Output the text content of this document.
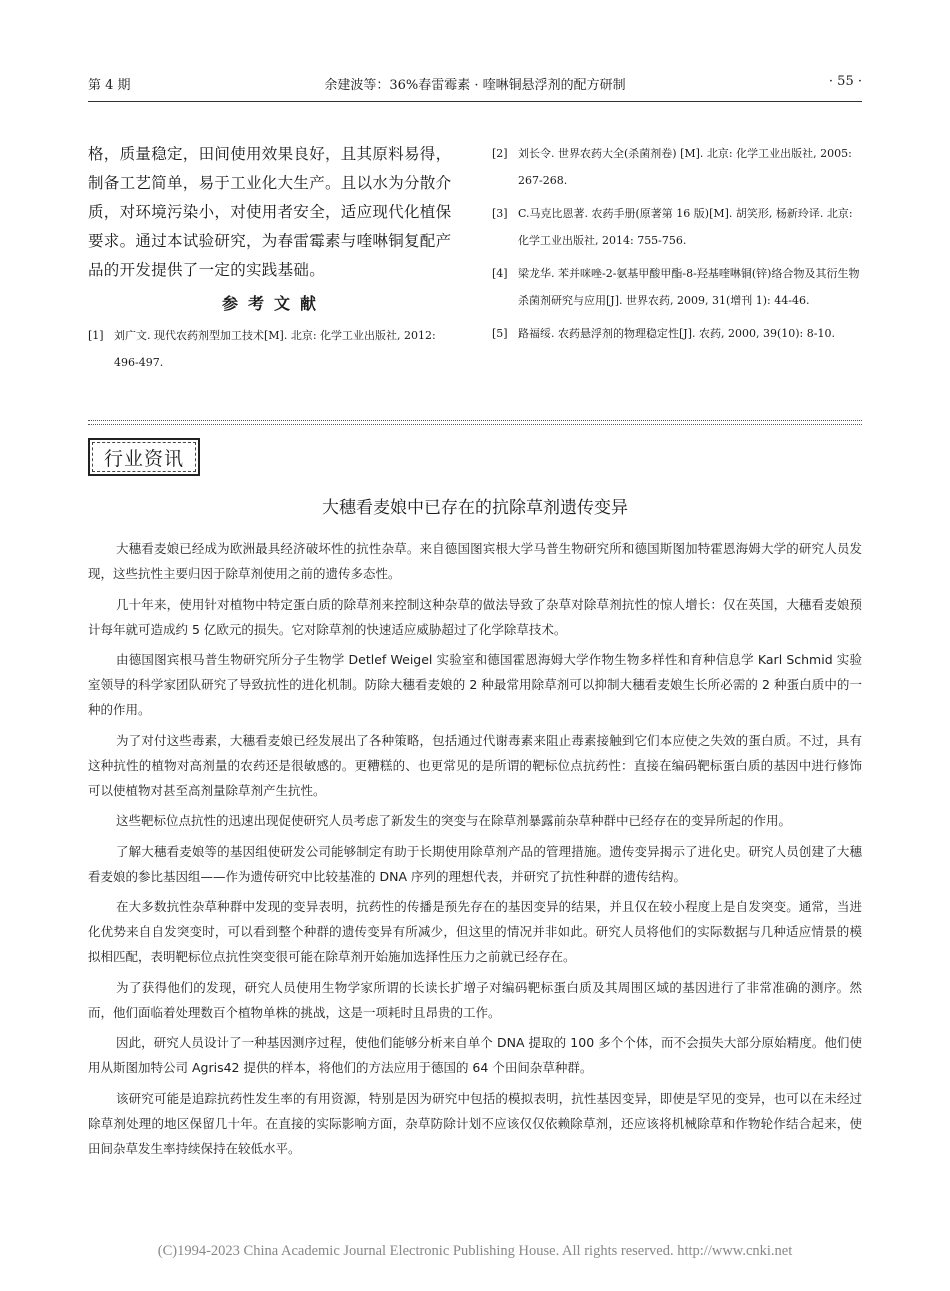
第 4 期	余建波等：36%春雷霉素 · 喹啉铜悬浮剂的配方研制	· 55 ·

格，质量稳定，田间使用效果良好，且其原料易得，制备工艺简单，易于工业化大生产。且以水为分散介质，对环境污染小，对使用者安全，适应现代化植保要求。通过本试验研究，为春雷霉素与喹啉铜复配产品的开发提供了一定的实践基础。

参考文献
[1] 刘广文. 现代农药剂型加工技术[M]. 北京: 化学工业出版社, 2012: 496-497.
[2] 刘长令. 世界农药大全(杀菌剂卷) [M]. 北京: 化学工业出版社, 2005: 267-268.
[3] C.马克比恩著. 农药手册(原著第 16 版)[M]. 胡笑形, 杨新玲译. 北京: 化学工业出版社, 2014: 755-756.
[4] 梁龙华. 苯并咪唑-2-氨基甲酸甲酯-8-羟基喹啉铜(锌)络合物及其衍生物杀菌剂研究与应用[J]. 世界农药, 2009, 31(增刊 1): 44-46.
[5] 路福绥. 农药悬浮剂的物理稳定性[J]. 农药, 2000, 39(10): 8-10.
行业资讯
大穗看麦娘中已存在的抗除草剂遗传变异

大穗看麦娘已经成为欧洲最具经济破坏性的抗性杂草。来自德国图宾根大学马普生物研究所和德国斯图加特霍恩海姆大学的研究人员发现，这些抗性主要归因于除草剂使用之前的遗传多态性。

几十年来，使用针对植物中特定蛋白质的除草剂来控制这种杂草的做法导致了杂草对除草剂抗性的惊人增长：仅在英国，大穗看麦娘预计每年就可造成约 5 亿欧元的损失。它对除草剂的快速适应威胁超过了化学除草技术。

由德国图宾根马普生物研究所分子生物学 Detlef Weigel 实验室和德国霍恩海姆大学作物生物多样性和育种信息学 Karl Schmid 实验室领导的科学家团队研究了导致抗性的进化机制。防除大穗看麦娘的 2 种最常用除草剂可以抑制大穗看麦娘生长所必需的 2 种蛋白质中的一种的作用。

为了对付这些毒素，大穗看麦娘已经发展出了各种策略，包括通过代谢毒素来阻止毒素接触到它们本应使之失效的蛋白质。不过，具有这种抗性的植物对高剂量的农药还是很敏感的。更糟糕的、也更常见的是所谓的靶标位点抗药性：直接在编码靶标蛋白质的基因中进行修饰可以使植物对甚至高剂量除草剂产生抗性。

这些靶标位点抗性的迅速出现促使研究人员考虑了新发生的突变与在除草剂暴露前杂草种群中已经存在的变异所起的作用。

了解大穗看麦娘等的基因组使研发公司能够制定有助于长期使用除草剂产品的管理措施。遗传变异揭示了进化史。研究人员创建了大穗看麦娘的参比基因组——作为遗传研究中比较基准的 DNA 序列的理想代表，并研究了抗性种群的遗传结构。

在大多数抗性杂草种群中发现的变异表明，抗药性的传播是预先存在的基因变异的结果，并且仅在较小程度上是自发突变。通常，当进化优势来自自发突变时，可以看到整个种群的遗传变异有所减少，但这里的情况并非如此。研究人员将他们的实际数据与几种适应情景的模拟相匹配，表明靶标位点抗性突变很可能在除草剂开始施加选择性压力之前就已经存在。

为了获得他们的发现，研究人员使用生物学家所谓的长读长扩增子对编码靶标蛋白质及其周围区域的基因进行了非常准确的测序。然而，他们面临着处理数百个植物单株的挑战，这是一项耗时且昂贵的工作。

因此，研究人员设计了一种基因测序过程，使他们能够分析来自单个 DNA 提取的 100 多个个体，而不会损失大部分原始精度。他们使用从斯图加特公司 Agris42 提供的样本，将他们的方法应用于德国的 64 个田间杂草种群。

该研究可能是追踪抗药性发生率的有用资源，特别是因为研究中包括的模拟表明，抗性基因变异，即使是罕见的变异，也可以在未经过除草剂处理的地区保留几十年。在直接的实际影响方面，杂草防除计划不应该仅仅依赖除草剂，还应该将机械除草和作物轮作结合起来，使田间杂草发生率持续保持在较低水平。

(C)1994-2023 China Academic Journal Electronic Publishing House. All rights reserved. http://www.cnki.net
